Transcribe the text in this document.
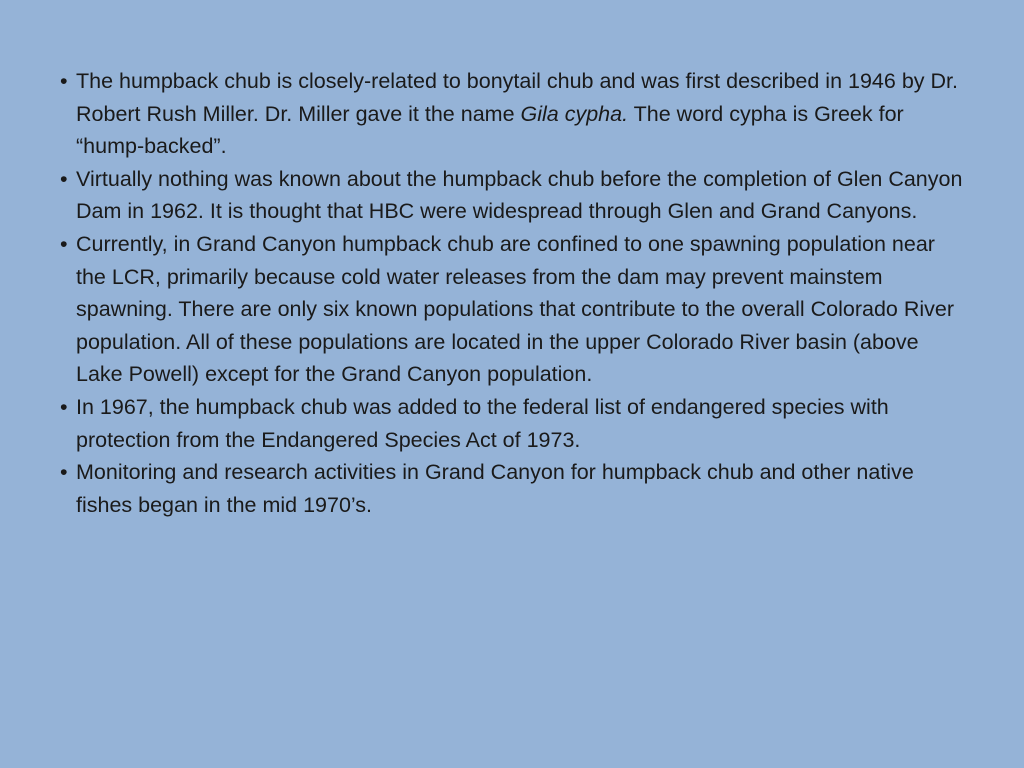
• The humpback chub is closely-related to bonytail chub and was first described in 1946 by Dr. Robert Rush Miller. Dr. Miller gave it the name Gila cypha. The word cypha is Greek for “hump-backed”.
• Virtually nothing was known about the humpback chub before the completion of Glen Canyon Dam in 1962. It is thought that HBC were widespread through Glen and Grand Canyons.
• Currently, in Grand Canyon humpback chub are confined to one spawning population near the LCR, primarily because cold water releases from the dam may prevent mainstem spawning. There are only six known populations that contribute to the overall Colorado River population. All of these populations are located in the upper Colorado River basin (above Lake Powell) except for the Grand Canyon population.
• In 1967, the humpback chub was added to the federal list of endangered species with protection from the Endangered Species Act of 1973.
• Monitoring and research activities in Grand Canyon for humpback chub and other native fishes began in the mid 1970’s.
